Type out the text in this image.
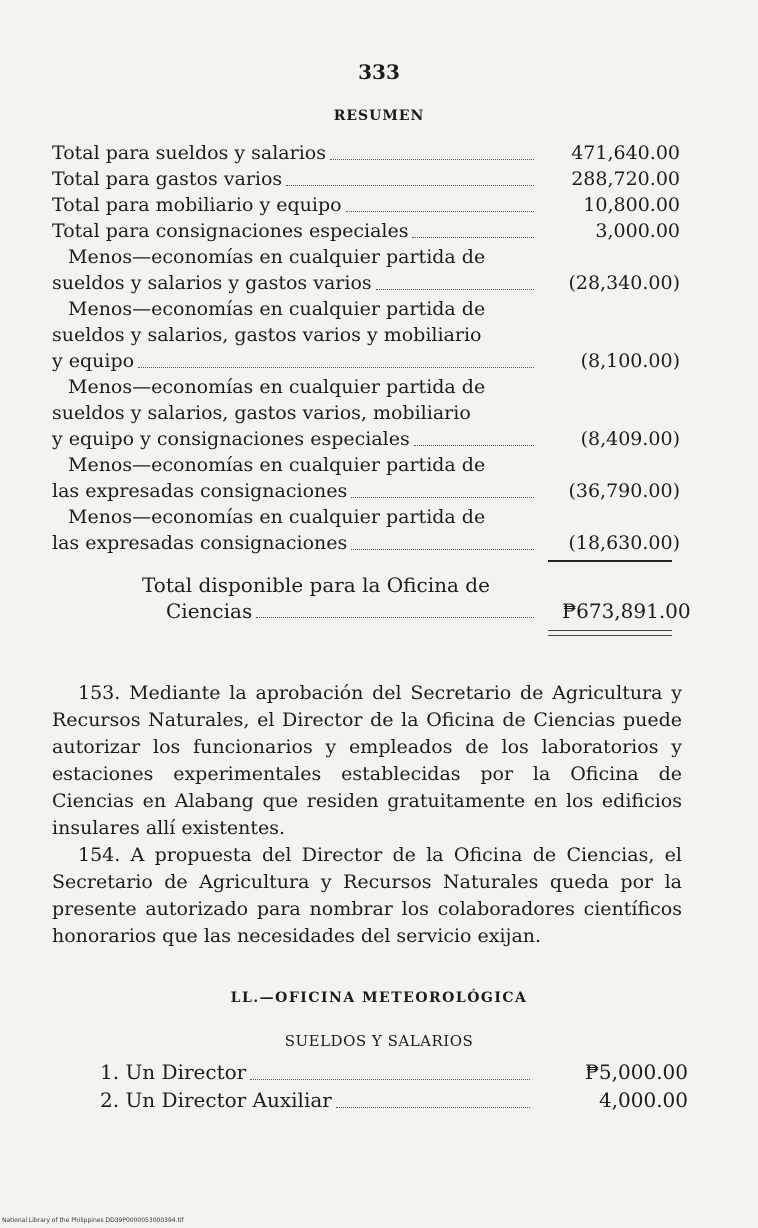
333
RESUMEN
Total para sueldos y salarios	471,640.00
Total para gastos varios	288,720.00
Total para mobiliario y equipo	10,800.00
Total para consignaciones especiales	3,000.00
Menos—economías en cualquier partida de
sueldos y salarios y gastos varios	(28,340.00)
Menos—economías en cualquier partida de
sueldos y salarios, gastos varios y mobiliario
y equipo	(8,100.00)
Menos—economías en cualquier partida de
sueldos y salarios, gastos varios, mobiliario
y equipo y consignaciones especiales	(8,409.00)
Menos—economías en cualquier partida de
las expresadas consignaciones	(36,790.00)
Menos—economías en cualquier partida de
las expresadas consignaciones	(18,630.00)
Total disponible para la Oficina de
Ciencias	₱673,891.00

153. Mediante la aprobación del Secretario de Agricultura y Recursos Naturales, el Director de la Oficina de Ciencias puede autorizar los funcionarios y empleados de los laboratorios y estaciones experimentales establecidas por la Oficina de Ciencias en Alabang que residen gratuitamente en los edificios insulares allí existentes.

154. A propuesta del Director de la Oficina de Ciencias, el Secretario de Agricultura y Recursos Naturales queda por la presente autorizado para nombrar los colaboradores científicos honorarios que las necesidades del servicio exijan.

LL.—OFICINA METEOROLÓGICA
SUELDOS Y SALARIOS
1. Un Director	₱5,000.00
2. Un Director Auxiliar	4,000.00
National Library of the Philippines DD39P0000053000394.tif
